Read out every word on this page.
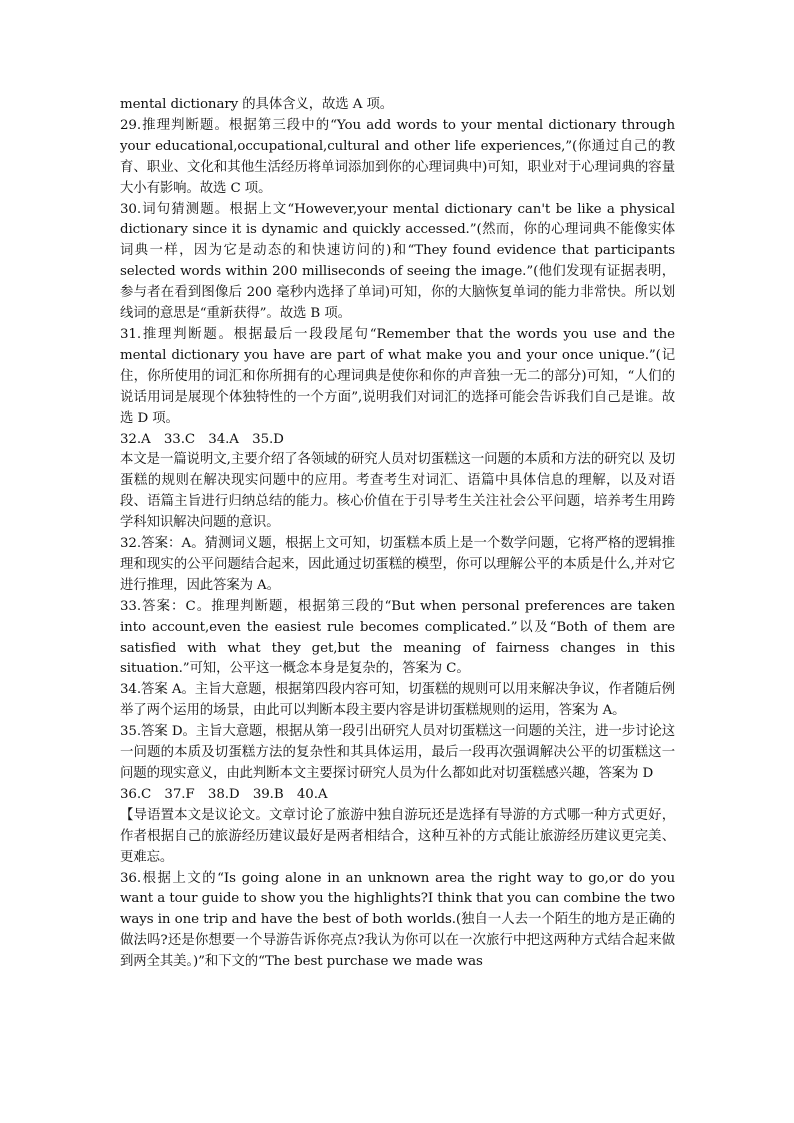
mental dictionary 的具体含义，故选 A 项。

29.推理判断题。根据第三段中的“You add words to your mental dictionary through your educational,occupational,cultural and other life experiences,”(你通过自己的教育、职业、文化和其他生活经历将单词添加到你的心理词典中)可知，职业对于心理词典的容量大小有影响。故选 C 项。

30.词句猜测题。根据上文“However,your mental dictionary can't be like a physical dictionary since it is dynamic and quickly accessed.”(然而，你的心理词典不能像实体词典一样，因为它是动态的和快速访问的)和“They found evidence that participants selected words within 200 milliseconds of seeing the image.”(他们发现有证据表明，参与者在看到图像后 200 毫秒内选择了单词)可知，你的大脑恢复单词的能力非常快。所以划线词的意思是“重新获得”。故选 B 项。

31.推理判断题。根据最后一段段尾句“Remember that the words you use and the mental dictionary you have are part of what make you and your once unique.”(记住，你所使用的词汇和你所拥有的心理词典是使你和你的声音独一无二的部分)可知，“人们的说话用词是展现个体独特性的一个方面”,说明我们对词汇的选择可能会告诉我们自己是谁。故选 D 项。

32.A　33.C　34.A　35.D

本文是一篇说明文,主要介绍了各领域的研究人员对切蛋糕这一问题的本质和方法的研究以 及切蛋糕的规则在解决现实问题中的应用。考查考生对词汇、语篇中具体信息的理解，以及对语段、语篇主旨进行归纳总结的能力。核心价值在于引导考生关注社会公平问题，培养考生用跨学科知识解决问题的意识。

32.答案：A。猜测词义题，根据上文可知，切蛋糕本质上是一个数学问题，它将严格的逻辑推理和现实的公平问题结合起来，因此通过切蛋糕的模型，你可以理解公平的本质是什么,并对它进行推理，因此答案为 A。

33.答案：C。推理判断题，根据第三段的“But when personal preferences are taken into account,even the easiest rule becomes complicated.”以及“Both of them are satisfied with what they get,but the meaning of fairness changes in this situation.”可知，公平这一概念本身是复杂的，答案为 C。

34.答案 A。主旨大意题，根据第四段内容可知，切蛋糕的规则可以用来解决争议，作者随后例举了两个运用的场景，由此可以判断本段主要内容是讲切蛋糕规则的运用，答案为 A。

35.答案 D。主旨大意题，根据从第一段引出研究人员对切蛋糕这一问题的关注，进一步讨论这一问题的本质及切蛋糕方法的复杂性和其具体运用，最后一段再次强调解决公平的切蛋糕这一问题的现实意义，由此判断本文主要探讨研究人员为什么都如此对切蛋糕感兴趣，答案为 D

36.C　37.F　38.D　39.B　40.A

【导语置本文是议论文。文章讨论了旅游中独自游玩还是选择有导游的方式哪一种方式更好，作者根据自己的旅游经历建议最好是两者相结合，这种互补的方式能让旅游经历建议更完美、更难忘。

36.根据上文的“Is going alone in an unknown area the right way to go,or do you want a tour guide to show you the highlights?I think that you can combine the two ways in one trip and have the best of both worlds.(独自一人去一个陌生的地方是正确的做法吗?还是你想要一个导游告诉你亮点?我认为你可以在一次旅行中把这两种方式结合起来做到两全其美。)”和下文的“The best purchase we made was
